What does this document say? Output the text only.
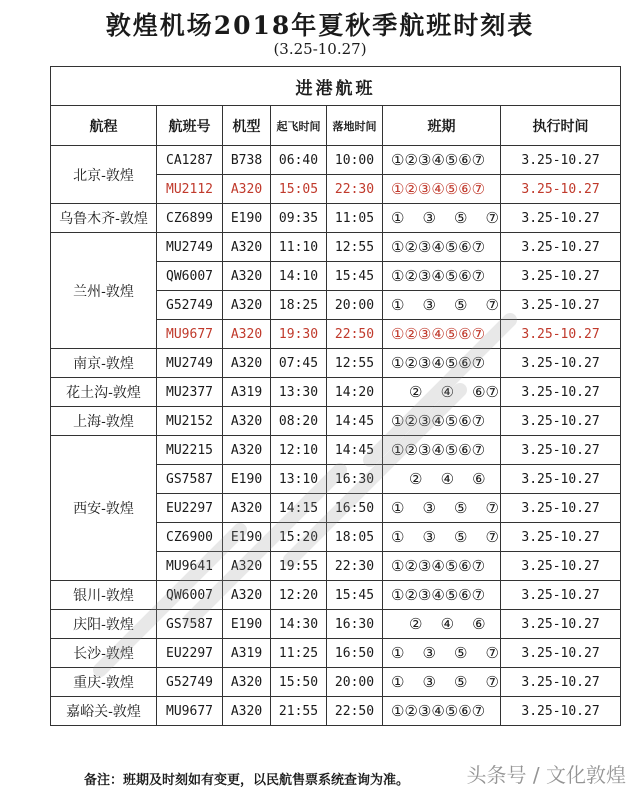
敦煌机场2018年夏秋季航班时刻表
(3.25-10.27)
进港航班						
航程	航班号	机型	起飞时间	落地时间	班期	执行时间
北京-敦煌	CA1287	B738	06:40	10:00	①②③④⑤⑥⑦	3.25-10.27
	MU2112	A320	15:05	22:30	①②③④⑤⑥⑦	3.25-10.27
乌鲁木齐-敦煌	CZ6899	E190	09:35	11:05	①  ③  ⑤  ⑦	3.25-10.27
兰州-敦煌	MU2749	A320	11:10	12:55	①②③④⑤⑥⑦	3.25-10.27
	QW6007	A320	14:10	15:45	①②③④⑤⑥⑦	3.25-10.27
	G52749	A320	18:25	20:00	①  ③  ⑤  ⑦	3.25-10.27
	MU9677	A320	19:30	22:50	①②③④⑤⑥⑦	3.25-10.27
南京-敦煌	MU2749	A320	07:45	12:55	①②③④⑤⑥⑦	3.25-10.27
花土沟-敦煌	MU2377	A319	13:30	14:20	②  ④  ⑥⑦	3.25-10.27
上海-敦煌	MU2152	A320	08:20	14:45	①②③④⑤⑥⑦	3.25-10.27
西安-敦煌	MU2215	A320	12:10	14:45	①②③④⑤⑥⑦	3.25-10.27
	GS7587	E190	13:10	16:30	②  ④  ⑥	3.25-10.27
	EU2297	A320	14:15	16:50	①  ③  ⑤  ⑦	3.25-10.27
	CZ6900	E190	15:20	18:05	①  ③  ⑤  ⑦	3.25-10.27
	MU9641	A320	19:55	22:30	①②③④⑤⑥⑦	3.25-10.27
银川-敦煌	QW6007	A320	12:20	15:45	①②③④⑤⑥⑦	3.25-10.27
庆阳-敦煌	GS7587	E190	14:30	16:30	②  ④  ⑥	3.25-10.27
长沙-敦煌	EU2297	A319	11:25	16:50	①  ③  ⑤  ⑦	3.25-10.27
重庆-敦煌	G52749	A320	15:50	20:00	①  ③  ⑤  ⑦	3.25-10.27
嘉峪关-敦煌	MU9677	A320	21:55	22:50	①②③④⑤⑥⑦	3.25-10.27
备注：班期及时刻如有变更，以民航售票系统查询为准。	头条号 / 文化敦煌
